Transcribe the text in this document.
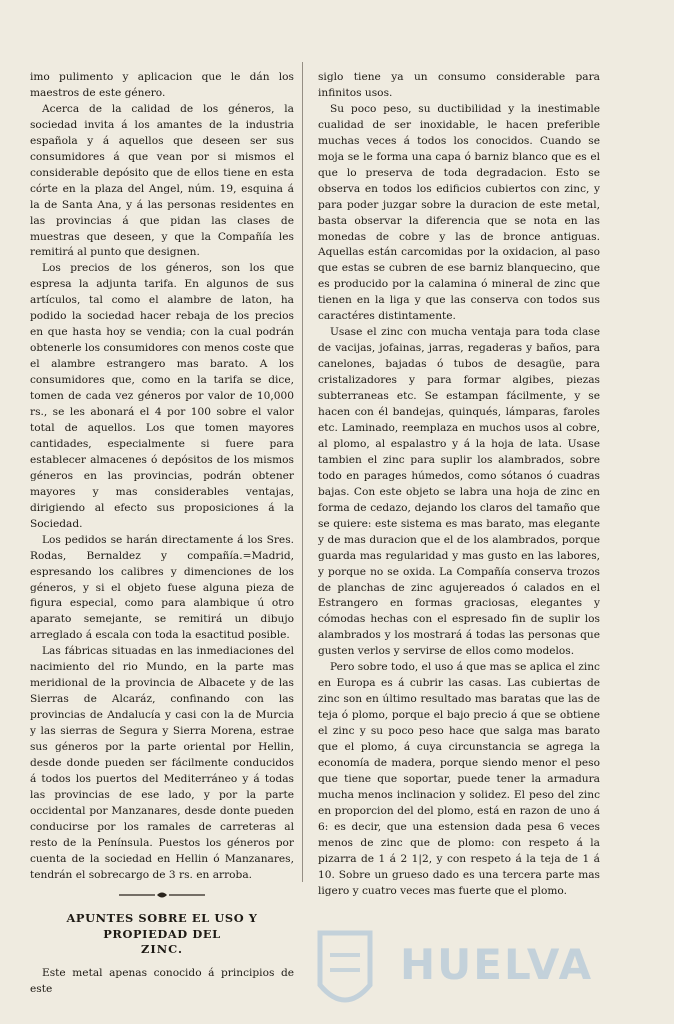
imo pulimento y aplicacion que le dán los maestros de este género.

Acerca de la calidad de los géneros, la sociedad invita á los amantes de la industria española y á aquellos que deseen ser sus consumidores á que vean por si mismos el considerable depósito que de ellos tiene en esta córte en la plaza del Angel, núm. 19, esquina á la de Santa Ana, y á las personas residentes en las provincias á que pidan las clases de muestras que deseen, y que la Compañía les remitirá al punto que designen.

Los precios de los géneros, son los que espresa la adjunta tarifa. En algunos de sus artículos, tal como el alambre de laton, ha podido la sociedad hacer rebaja de los precios en que hasta hoy se vendia; con la cual podrán obtenerle los consumidores con menos coste que el alambre estrangero mas barato. A los consumidores que, como en la tarifa se dice, tomen de cada vez géneros por valor de 10,000 rs., se les abonará el 4 por 100 sobre el valor total de aquellos. Los que tomen mayores cantidades, especialmente si fuere para establecer almacenes ó depósitos de los mismos géneros en las provincias, podrán obtener mayores y mas considerables ventajas, dirigiendo al efecto sus proposiciones á la Sociedad.

Los pedidos se harán directamente á los Sres. Rodas, Bernaldez y compañía.=Madrid, espresando los calibres y dimenciones de los géneros, y si el objeto fuese alguna pieza de figura especial, como para alambique ú otro aparato semejante, se remitirá un dibujo arreglado á escala con toda la esactitud posible.

Las fábricas situadas en las inmediaciones del nacimiento del rio Mundo, en la parte mas meridional de la provincia de Albacete y de las Sierras de Alcaráz, confinando con las provincias de Andalucía y casi con la de Murcia y las sierras de Segura y Sierra Morena, estrae sus géneros por la parte oriental por Hellin, desde donde pueden ser fácilmente conducidos á todos los puertos del Mediterráneo y á todas las provincias de ese lado, y por la parte occidental por Manzanares, desde donte pueden conducirse por los ramales de carreteras al resto de la Península. Puestos los géneros por cuenta de la sociedad en Hellin ó Manzanares, tendrán el sobrecargo de 3 rs. en arroba.

APUNTES SOBRE EL USO Y PROPIEDAD DEL
ZINC.

Este metal apenas conocido á principios de este

siglo tiene ya un consumo considerable para infinitos usos.

Su poco peso, su ductibilidad y la inestimable cualidad de ser inoxidable, le hacen preferible muchas veces á todos los conocidos. Cuando se moja se le forma una capa ó barniz blanco que es el que lo preserva de toda degradacion. Esto se observa en todos los edificios cubiertos con zinc, y para poder juzgar sobre la duracion de este metal, basta observar la diferencia que se nota en las monedas de cobre y las de bronce antiguas. Aquellas están carcomidas por la oxidacion, al paso que estas se cubren de ese barniz blanquecino, que es producido por la calamina ó mineral de zinc que tienen en la liga y que las conserva con todos sus caractéres distintamente.

Usase el zinc con mucha ventaja para toda clase de vacijas, jofainas, jarras, regaderas y baños, para canelones, bajadas ó tubos de desagüe, para cristalizadores y para formar algibes, piezas subterraneas etc. Se estampan fácilmente, y se hacen con él bandejas, quinqués, lámparas, faroles etc. Laminado, reemplaza en muchos usos al cobre, al plomo, al espalastro y á la hoja de lata. Usase tambien el zinc para suplir los alambrados, sobre todo en parages húmedos, como sótanos ó cuadras bajas. Con este objeto se labra una hoja de zinc en forma de cedazo, dejando los claros del tamaño que se quiere: este sistema es mas barato, mas elegante y de mas duracion que el de los alambrados, porque guarda mas regularidad y mas gusto en las labores, y porque no se oxida. La Compañía conserva trozos de planchas de zinc agujereados ó calados en el Estrangero en formas graciosas, elegantes y cómodas hechas con el espresado fin de suplir los alambrados y los mostrará á todas las personas que gusten verlos y servirse de ellos como modelos.

Pero sobre todo, el uso á que mas se aplica el zinc en Europa es á cubrir las casas. Las cubiertas de zinc son en último resultado mas baratas que las de teja ó plomo, porque el bajo precio á que se obtiene el zinc y su poco peso hace que salga mas barato que el plomo, á cuya circunstancia se agrega la economía de madera, porque siendo menor el peso que tiene que soportar, puede tener la armadura mucha menos inclinacion y solidez. El peso del zinc en proporcion del del plomo, está en razon de uno á 6: es decir, que una estension dada pesa 6 veces menos de zinc que de plomo: con respeto á la pizarra de 1 á 2 1|2, y con respeto á la teja de 1 á 10. Sobre un grueso dado es una tercera parte mas ligero y cuatro veces mas fuerte que el plomo.

HUELVA
